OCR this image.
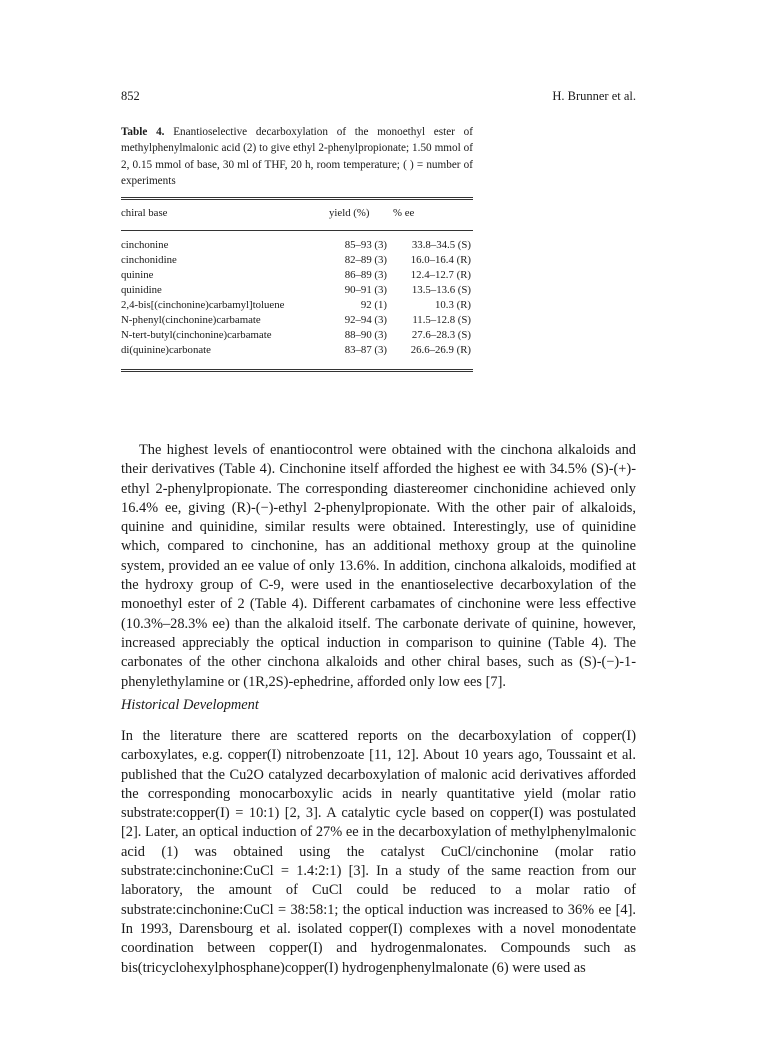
852	H. Brunner et al.
Table 4. Enantioselective decarboxylation of the monoethyl ester of methylphenylmalonic acid (2) to give ethyl 2-phenylpropionate; 1.50 mmol of 2, 0.15 mmol of base, 30 ml of THF, 20 h, room temperature; ( ) = number of experiments
chiral base	yield (%)	% ee
cinchonine	85–93 (3)	33.8–34.5 (S)
cinchonidine	82–89 (3)	16.0–16.4 (R)
quinine	86–89 (3)	12.4–12.7 (R)
quinidine	90–91 (3)	13.5–13.6 (S)
2,4-bis[(cinchonine)carbamyl]toluene	92 (1)	10.3 (R)
N-phenyl(cinchonine)carbamate	92–94 (3)	11.5–12.8 (S)
N-tert-butyl(cinchonine)carbamate	88–90 (3)	27.6–28.3 (S)
di(quinine)carbonate	83–87 (3)	26.6–26.9 (R)

The highest levels of enantiocontrol were obtained with the cinchona alkaloids and their derivatives (Table 4). Cinchonine itself afforded the highest ee with 34.5% (S)-(+)-ethyl 2-phenylpropionate. The corresponding diastereomer cinchonidine achieved only 16.4% ee, giving (R)-(−)-ethyl 2-phenylpropionate. With the other pair of alkaloids, quinine and quinidine, similar results were obtained. Interestingly, use of quinidine which, compared to cinchonine, has an additional methoxy group at the quinoline system, provided an ee value of only 13.6%. In addition, cinchona alkaloids, modified at the hydroxy group of C-9, were used in the enantioselective decarboxylation of the monoethyl ester of 2 (Table 4). Different carbamates of cinchonine were less effective (10.3%–28.3% ee) than the alkaloid itself. The carbonate derivate of quinine, however, increased appreciably the optical induction in comparison to quinine (Table 4). The carbonates of the other cinchona alkaloids and other chiral bases, such as (S)-(−)-1-phenylethylamine or (1R,2S)-ephedrine, afforded only low ees [7].

Historical Development

In the literature there are scattered reports on the decarboxylation of copper(I) carboxylates, e.g. copper(I) nitrobenzoate [11, 12]. About 10 years ago, Toussaint et al. published that the Cu2O catalyzed decarboxylation of malonic acid derivatives afforded the corresponding monocarboxylic acids in nearly quantitative yield (molar ratio substrate:copper(I) = 10:1) [2, 3]. A catalytic cycle based on copper(I) was postulated [2]. Later, an optical induction of 27% ee in the decarboxylation of methylphenylmalonic acid (1) was obtained using the catalyst CuCl/cinchonine (molar ratio substrate:cinchonine:CuCl = 1.4:2:1) [3]. In a study of the same reaction from our laboratory, the amount of CuCl could be reduced to a molar ratio of substrate:cinchonine:CuCl = 38:58:1; the optical induction was increased to 36% ee [4]. In 1993, Darensbourg et al. isolated copper(I) complexes with a novel monodentate coordination between copper(I) and hydrogenmalonates. Compounds such as bis(tricyclohexylphosphane)copper(I) hydrogenphenylmalonate (6) were used as
